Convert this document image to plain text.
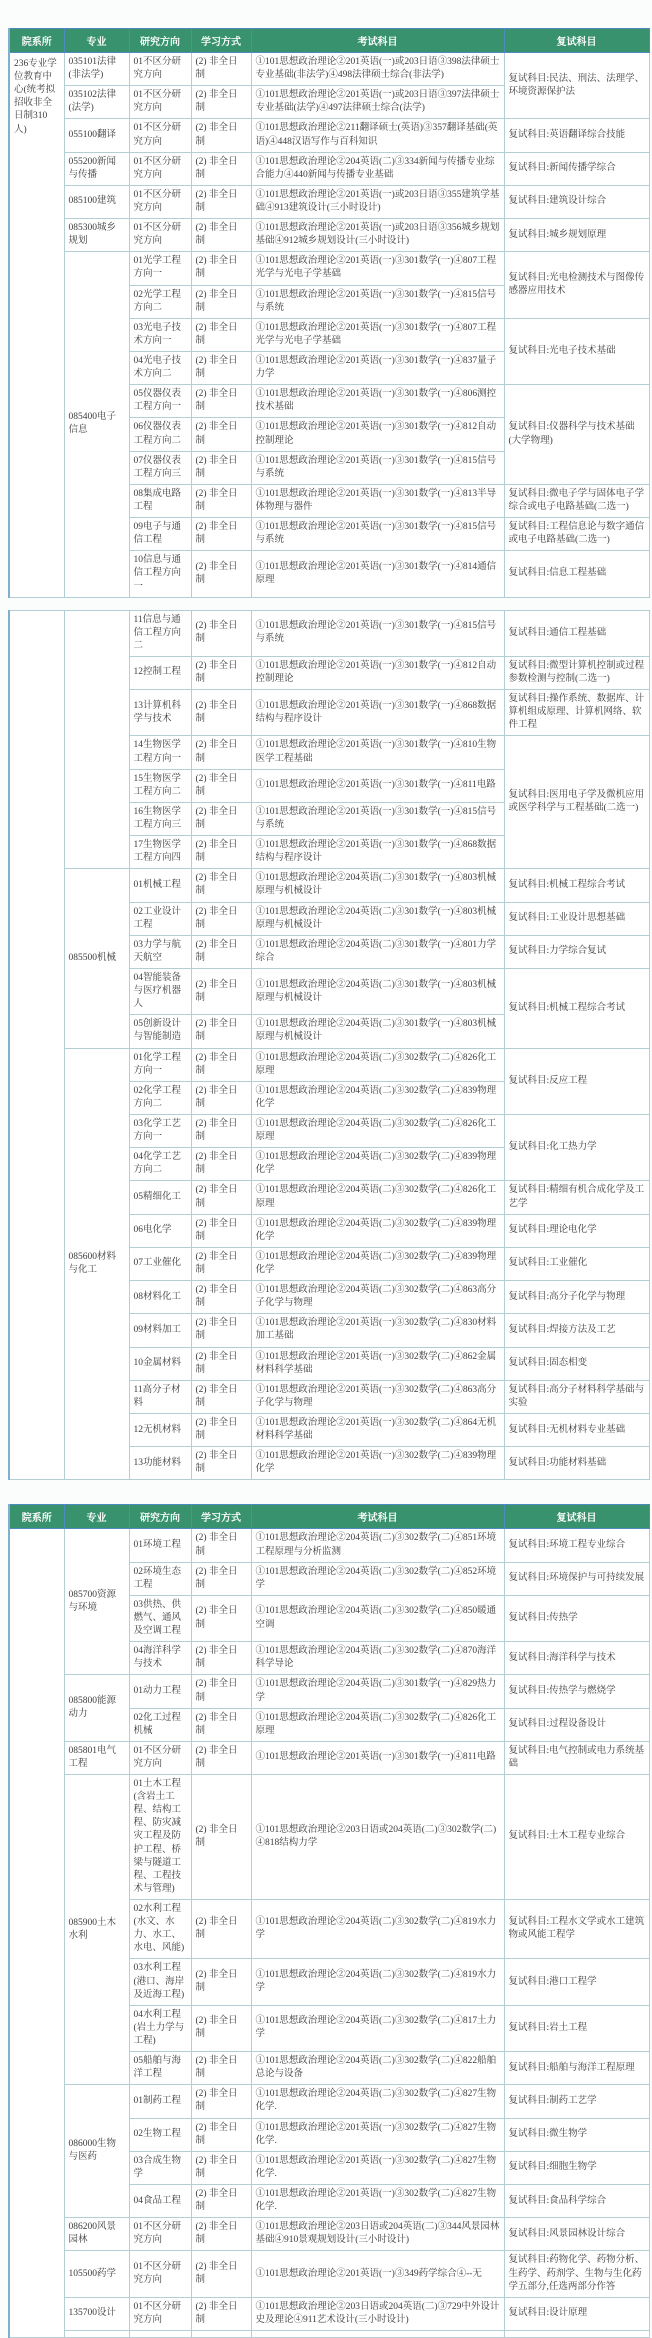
院系所	专业	研究方向	学习方式	考试科目	复试科目
236专业学位教育中心(统考拟招收非全日制310人)	035101法律(非法学)	01不区分研究方向	(2) 非全日制	①101思想政治理论②201英语(一)或203日语③398法律硕士专业基础(非法学)④498法律硕士综合(非法学)	复试科目:民法、刑法、法理学、环境资源保护法
	035102法律(法学)	01不区分研究方向	(2) 非全日制	①101思想政治理论②201英语(一)或203日语③397法律硕士专业基础(法学)④497法律硕士综合(法学)	
	055100翻译	01不区分研究方向	(2) 非全日制	①101思想政治理论②211翻译硕士(英语)③357翻译基础(英语)④448汉语写作与百科知识	复试科目:英语翻译综合技能
	055200新闻与传播	01不区分研究方向	(2) 非全日制	①101思想政治理论②204英语(二)③334新闻与传播专业综合能力④440新闻与传播专业基础	复试科目:新闻传播学综合
	085100建筑	01不区分研究方向	(2) 非全日制	①101思想政治理论②201英语(一)或203日语③355建筑学基础④913建筑设计(三小时设计)	复试科目:建筑设计综合
	085300城乡规划	01不区分研究方向	(2) 非全日制	①101思想政治理论②201英语(一)或203日语③356城乡规划基础④912城乡规划设计(三小时设计)	复试科目:城乡规划原理
	085400电子信息	01光学工程方向一	(2) 非全日制	①101思想政治理论②201英语(一)③301数学(一)④807工程光学与光电子学基础	复试科目:光电检测技术与图像传感器应用技术
		02光学工程方向二	(2) 非全日制	①101思想政治理论②201英语(一)③301数学(一)④815信号与系统	
		03光电子技术方向一	(2) 非全日制	①101思想政治理论②201英语(一)③301数学(一)④807工程光学与光电子学基础	复试科目:光电子技术基础
		04光电子技术方向二	(2) 非全日制	①101思想政治理论②201英语(一)③301数学(一)④837量子力学	
		05仪器仪表工程方向一	(2) 非全日制	①101思想政治理论②201英语(一)③301数学(一)④806测控技术基础	复试科目:仪器科学与技术基础(大学物理)
		06仪器仪表工程方向二	(2) 非全日制	①101思想政治理论②201英语(一)③301数学(一)④812自动控制理论	
		07仪器仪表工程方向三	(2) 非全日制	①101思想政治理论②201英语(一)③301数学(一)④815信号与系统	
		08集成电路工程	(2) 非全日制	①101思想政治理论②201英语(一)③301数学(一)④813半导体物理与器件	复试科目:微电子学与固体电子学综合或电子电路基础(二选一)
		09电子与通信工程	(2) 非全日制	①101思想政治理论②201英语(一)③301数学(一)④815信号与系统	复试科目:工程信息论与数字通信或电子电路基础(二选一)
		10信息与通信工程方向一	(2) 非全日制	①101思想政治理论②201英语(一)③301数学(一)④814通信原理	复试科目:信息工程基础
		11信息与通信工程方向二	(2) 非全日制	①101思想政治理论②201英语(一)③301数学(一)④815信号与系统	复试科目:通信工程基础
		12控制工程	(2) 非全日制	①101思想政治理论②201英语(一)③301数学(一)④812自动控制理论	复试科目:微型计算机控制或过程参数检测与控制(二选一)
		13计算机科学与技术	(2) 非全日制	①101思想政治理论②201英语(一)③301数学(一)④868数据结构与程序设计	复试科目:操作系统、数据库、计算机组成原理、计算机网络、软件工程
		14生物医学工程方向一	(2) 非全日制	①101思想政治理论②201英语(一)③301数学(一)④810生物医学工程基础	复试科目:医用电子学及微机应用或医学科学与工程基础(二选一)
		15生物医学工程方向二	(2) 非全日制	①101思想政治理论②201英语(一)③301数学(一)④811电路	
		16生物医学工程方向三	(2) 非全日制	①101思想政治理论②201英语(一)③301数学(一)④815信号与系统	
		17生物医学工程方向四	(2) 非全日制	①101思想政治理论②201英语(一)③301数学(一)④868数据结构与程序设计	
	085500机械	01机械工程	(2) 非全日制	①101思想政治理论②204英语(二)③301数学(一)④803机械原理与机械设计	复试科目:机械工程综合考试
		02工业设计工程	(2) 非全日制	①101思想政治理论②204英语(二)③301数学(一)④803机械原理与机械设计	复试科目:工业设计思想基础
		03力学与航天航空	(2) 非全日制	①101思想政治理论②204英语(二)③301数学(一)④801力学综合	复试科目:力学综合复试
		04智能装备与医疗机器人	(2) 非全日制	①101思想政治理论②204英语(二)③301数学(一)④803机械原理与机械设计	复试科目:机械工程综合考试
		05创新设计与智能制造	(2) 非全日制	①101思想政治理论②204英语(二)③301数学(一)④803机械原理与机械设计	
	085600材料与化工	01化学工程方向一	(2) 非全日制	①101思想政治理论②204英语(二)③302数学(二)④826化工原理	复试科目:反应工程
		02化学工程方向二	(2) 非全日制	①101思想政治理论②204英语(二)③302数学(二)④839物理化学	
		03化学工艺方向一	(2) 非全日制	①101思想政治理论②204英语(二)③302数学(二)④826化工原理	复试科目:化工热力学
		04化学工艺方向二	(2) 非全日制	①101思想政治理论②204英语(二)③302数学(二)④839物理化学	
		05精细化工	(2) 非全日制	①101思想政治理论②204英语(二)③302数学(二)④826化工原理	复试科目:精细有机合成化学及工艺学
		06电化学	(2) 非全日制	①101思想政治理论②204英语(二)③302数学(二)④839物理化学	复试科目:理论电化学
		07工业催化	(2) 非全日制	①101思想政治理论②204英语(二)③302数学(二)④839物理化学	复试科目:工业催化
		08材料化工	(2) 非全日制	①101思想政治理论②204英语(二)③302数学(二)④863高分子化学与物理	复试科目:高分子化学与物理
		09材料加工	(2) 非全日制	①101思想政治理论②201英语(一)③302数学(二)④830材料加工基础	复试科目:焊接方法及工艺
		10金属材料	(2) 非全日制	①101思想政治理论②201英语(一)③302数学(二)④862金属材料科学基础	复试科目:固态相变
		11高分子材料	(2) 非全日制	①101思想政治理论②201英语(一)③302数学(二)④863高分子化学与物理	复试科目:高分子材料科学基础与实验
		12无机材料	(2) 非全日制	①101思想政治理论②201英语(一)③302数学(二)④864无机材料科学基础	复试科目:无机材料专业基础
		13功能材料	(2) 非全日制	①101思想政治理论②201英语(一)③302数学(二)④839物理化学	复试科目:功能材料基础
院系所	专业	研究方向	学习方式	考试科目	复试科目
	085700资源与环境	01环境工程	(2) 非全日制	①101思想政治理论②204英语(二)③302数学(二)④851环境工程原理与分析监测	复试科目:环境工程专业综合
		02环境生态工程	(2) 非全日制	①101思想政治理论②204英语(二)③302数学(二)④852环境学	复试科目:环境保护与可持续发展
		03供热、供燃气、通风及空调工程	(2) 非全日制	①101思想政治理论②204英语(二)③302数学(二)④850暖通空调	复试科目:传热学
		04海洋科学与技术	(2) 非全日制	①101思想政治理论②204英语(二)③302数学(二)④870海洋科学导论	复试科目:海洋科学与技术
	085800能源动力	01动力工程	(2) 非全日制	①101思想政治理论②204英语(二)③301数学(一)④829热力学	复试科目:传热学与燃烧学
		02化工过程机械	(2) 非全日制	①101思想政治理论②204英语(二)③302数学(二)④826化工原理	复试科目:过程设备设计
	085801电气工程	01不区分研究方向	(2) 非全日制	①101思想政治理论②201英语(一)③301数学(一)④811电路	复试科目:电气控制或电力系统基础
	085900土木水利	01土木工程(含岩土工程、结构工程、防灾减灾工程及防护工程、桥梁与隧道工程、工程技术与管理)	(2) 非全日制	①101思想政治理论②203日语或204英语(二)③302数学(二)④818结构力学	复试科目:土木工程专业综合
		02水利工程(水文、水力、水工、水电、风能)	(2) 非全日制	①101思想政治理论②204英语(二)③302数学(二)④819水力学	复试科目:工程水文学或水工建筑物或风能工程学
		03水利工程(港口、海岸及近海工程)	(2) 非全日制	①101思想政治理论②204英语(二)③302数学(二)④819水力学	复试科目:港口工程学
		04水利工程(岩土力学与工程)	(2) 非全日制	①101思想政治理论②204英语(二)③302数学(二)④817土力学	复试科目:岩土工程
		05船舶与海洋工程	(2) 非全日制	①101思想政治理论②204英语(二)③302数学(二)④822船舶总论与设备	复试科目:船舶与海洋工程原理
	086000生物与医药	01制药工程	(2) 非全日制	①101思想政治理论②204英语(二)③302数学(二)④827生物化学.	复试科目:制药工艺学
		02生物工程	(2) 非全日制	①101思想政治理论②201英语(一)③302数学(二)④827生物化学.	复试科目:微生物学
		03合成生物学	(2) 非全日制	①101思想政治理论②201英语(一)③302数学(二)④827生物化学.	复试科目:细胞生物学
		04食品工程	(2) 非全日制	①101思想政治理论②201英语(一)③302数学(二)④827生物化学.	复试科目:食品科学综合
	086200风景园林	01不区分研究方向	(2) 非全日制	①101思想政治理论②203日语或204英语(二)③344风景园林基础④910景观规划设计(三小时设计)	复试科目:风景园林设计综合
	105500药学	01不区分研究方向	(2) 非全日制	①101思想政治理论②201英语(一)③349药学综合④--无	复试科目:药物化学、药物分析、生药学、药剂学、生物与生化药学五部分,任选两部分作答
	135700设计	01不区分研究方向	(2) 非全日制	①101思想政治理论②203日语或204英语(二)③729中外设计史及理论④911艺术设计(三小时设计)	复试科目:设计原理
